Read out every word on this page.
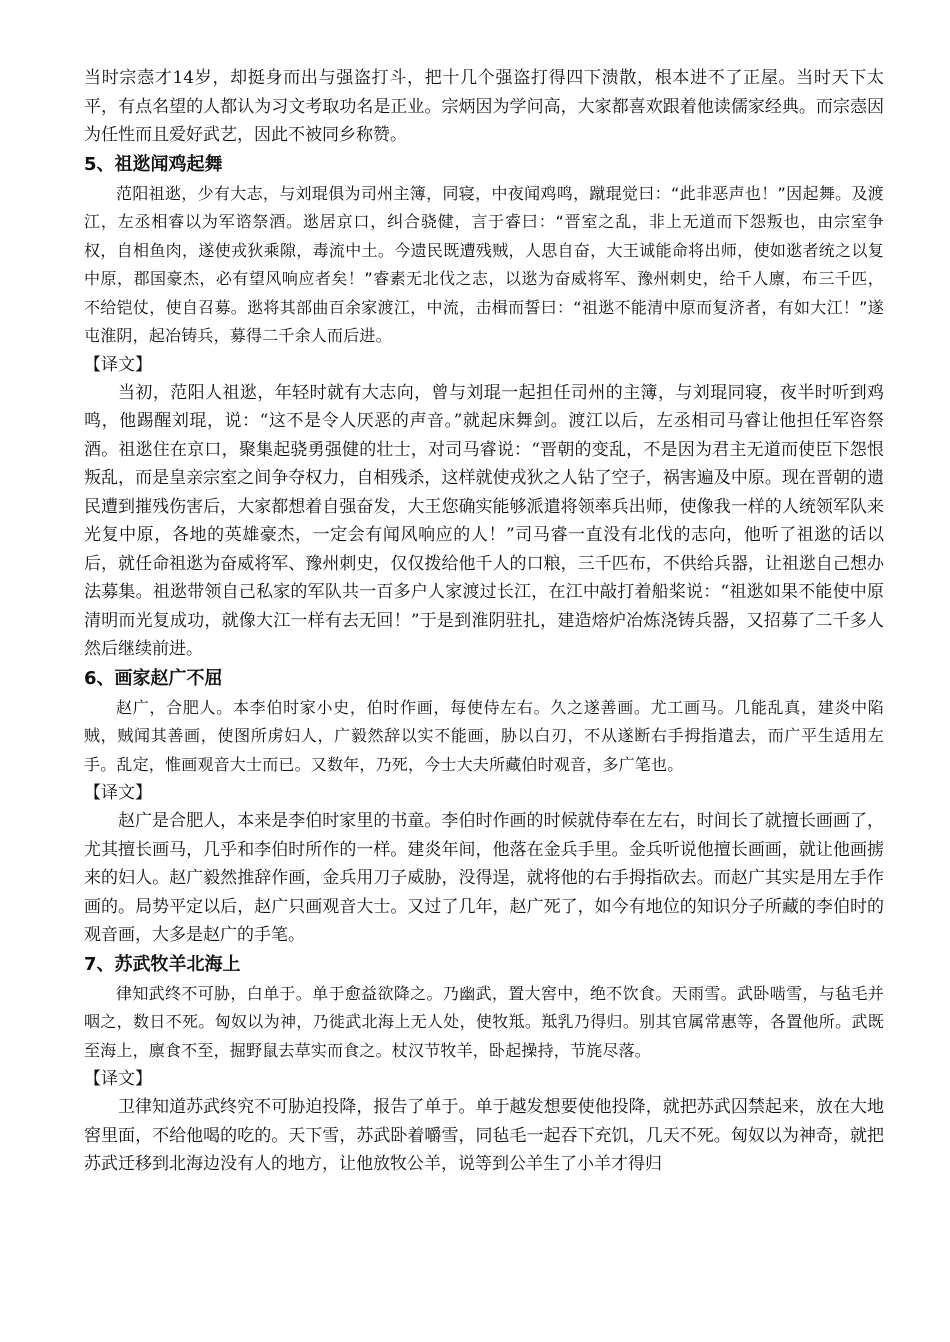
当时宗悫才14岁，却挺身而出与强盗打斗，把十几个强盗打得四下溃散，根本进不了正屋。当时天下太平，有点名望的人都认为习文考取功名是正业。宗炳因为学问高，大家都喜欢跟着他读儒家经典。而宗悫因为任性而且爱好武艺，因此不被同乡称赞。

5、祖逖闻鸡起舞

范阳祖逖，少有大志，与刘琨俱为司州主簿，同寝，中夜闻鸡鸣，蹴琨觉曰：“此非恶声也！”因起舞。及渡江，左丞相睿以为军谘祭酒。逖居京口，纠合骁健，言于睿曰：“晋室之乱，非上无道而下怨叛也，由宗室争权，自相鱼肉，遂使戎狄乘隙，毒流中土。今遗民既遭残贼，人思自奋，大王诚能命将出师，使如逖者统之以复中原，郡国豪杰，必有望风响应者矣！”睿素无北伐之志，以逖为奋威将军、豫州刺史，给千人廪，布三千匹，不给铠仗，使自召募。逖将其部曲百余家渡江，中流，击楫而誓曰：“祖逖不能清中原而复济者，有如大江！”遂屯淮阴，起冶铸兵，募得二千余人而后进。

【译文】

当初，范阳人祖逖，年轻时就有大志向，曾与刘琨一起担任司州的主簿，与刘琨同寝，夜半时听到鸡鸣，他踢醒刘琨，说：“这不是令人厌恶的声音。”就起床舞剑。渡江以后，左丞相司马睿让他担任军咨祭酒。祖逖住在京口，聚集起骁勇强健的壮士，对司马睿说：“晋朝的变乱，不是因为君主无道而使臣下怨恨叛乱，而是皇亲宗室之间争夺权力，自相残杀，这样就使戎狄之人钻了空子，祸害遍及中原。现在晋朝的遗民遭到摧残伤害后，大家都想着自强奋发，大王您确实能够派遣将领率兵出师，使像我一样的人统领军队来光复中原，各地的英雄豪杰，一定会有闻风响应的人！”司马睿一直没有北伐的志向，他听了祖逖的话以后，就任命祖逖为奋威将军、豫州刺史，仅仅拨给他千人的口粮，三千匹布，不供给兵器，让祖逖自己想办法募集。祖逖带领自己私家的军队共一百多户人家渡过长江，在江中敲打着船桨说：“祖逖如果不能使中原清明而光复成功，就像大江一样有去无回！”于是到淮阴驻扎，建造熔炉冶炼浇铸兵器，又招募了二千多人然后继续前进。

6、画家赵广不屈

赵广，合肥人。本李伯时家小史，伯时作画，每使侍左右。久之遂善画。尤工画马。几能乱真，建炎中陷贼，贼闻其善画，使图所虏妇人，广毅然辞以实不能画，胁以白刃，不从遂断右手拇指遣去，而广平生适用左手。乱定，惟画观音大士而已。又数年，乃死，今士大夫所藏伯时观音，多广笔也。

【译文】

赵广是合肥人，本来是李伯时家里的书童。李伯时作画的时候就侍奉在左右，时间长了就擅长画画了，尤其擅长画马，几乎和李伯时所作的一样。建炎年间，他落在金兵手里。金兵听说他擅长画画，就让他画掳来的妇人。赵广毅然推辞作画，金兵用刀子威胁，没得逞，就将他的右手拇指砍去。而赵广其实是用左手作画的。局势平定以后，赵广只画观音大士。又过了几年，赵广死了，如今有地位的知识分子所藏的李伯时的观音画，大多是赵广的手笔。

7、苏武牧羊北海上

律知武终不可胁，白单于。单于愈益欲降之。乃幽武，置大窖中，绝不饮食。天雨雪。武卧啮雪，与毡毛并咽之，数日不死。匈奴以为神，乃徙武北海上无人处，使牧羝。羝乳乃得归。别其官属常惠等，各置他所。武既至海上，廪食不至，掘野鼠去草实而食之。杖汉节牧羊，卧起操持，节旄尽落。

【译文】

卫律知道苏武终究不可胁迫投降，报告了单于。单于越发想要使他投降，就把苏武囚禁起来，放在大地窖里面，不给他喝的吃的。天下雪，苏武卧着嚼雪，同毡毛一起吞下充饥，几天不死。匈奴以为神奇，就把苏武迁移到北海边没有人的地方，让他放牧公羊，说等到公羊生了小羊才得归
